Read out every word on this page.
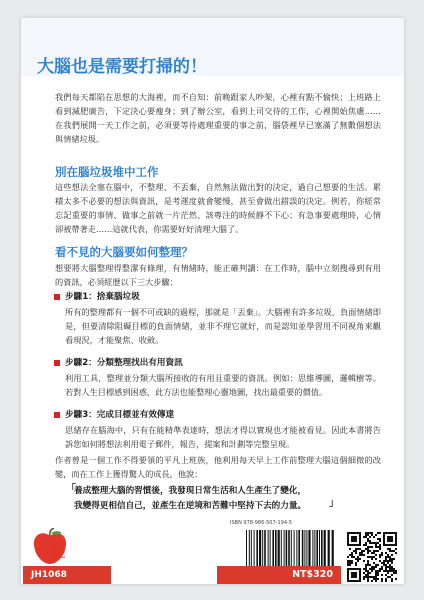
大腦也是需要打掃的！
我們每天都陷在思想的大海裡，而不自知：前晚跟家人吵架，心裡有點不愉快；上班路上看到減肥廣告，下定決心要瘦身；到了辦公室，看到上司交待的工作，心裡開始焦慮……在我們展開一天工作之前，必須要等待處理重要的事之前，腦袋裡早已塞滿了無數個想法與情緒垃圾。
別在腦垃圾堆中工作
這些想法全塞在腦中，不整理、不丟棄，自然無法做出對的決定，過自己想要的生活。累積太多不必要的想法與資訊，是考運度就會變慢，甚至會做出錯誤的決定。例若，你經常忘記重要的事情、做事之前就一片茫然、該專注的時候靜不下心；有急事要處理時，心情卻被帶著走……這就代表，你需要好好清理大腦了。
看不見的大腦要如何整理？
想要將大腦整理得整潔有條理，有情緒時，能正確判讀：在工作時，腦中立刻搜尋到有用的資訊，必須經歷以下三大步驟：
步驟1：捨棄腦垃圾
所有的整理都有一個不可或缺的過程，那就是「丟棄」。大腦裡有許多垃圾，負面情緒即是，但要清除阻礙目標的負面情緒，並非不理它就好，而是認知並學習用不同視角來觀看現況，才能聚焦、收斂。
步驟2：分類整理找出有用資訊
利用工具，整理並分類大腦所接收的有用且重要的資訊。例如：思維導圖，邏輯樹等。若對人生目標感到困惑，此方法也能整理心靈地圖，找出最重要的價值。
步驟3：完成目標並有效傳達
思緒存在腦海中，只有在能精準表達時，想法才得以實現也才能被看見。因此本書將告訴您如何將想法利用電子郵件，報告，提案和計劃等完整呈現。
作者曾是一個工作不得要領的平凡上班族，他利用每天早上工作前整理大腦這個細微的改變，而在工作上獲得驚人的成長，他說：
「
養成整理大腦的習慣後，我發現日常生活和人生產生了變化，
我變得更相信自己，並產生在逆境和苦難中堅持下去的力量。 」
采實
文化
ISBN 978-986-507-194-5
JH1068	NT$320
